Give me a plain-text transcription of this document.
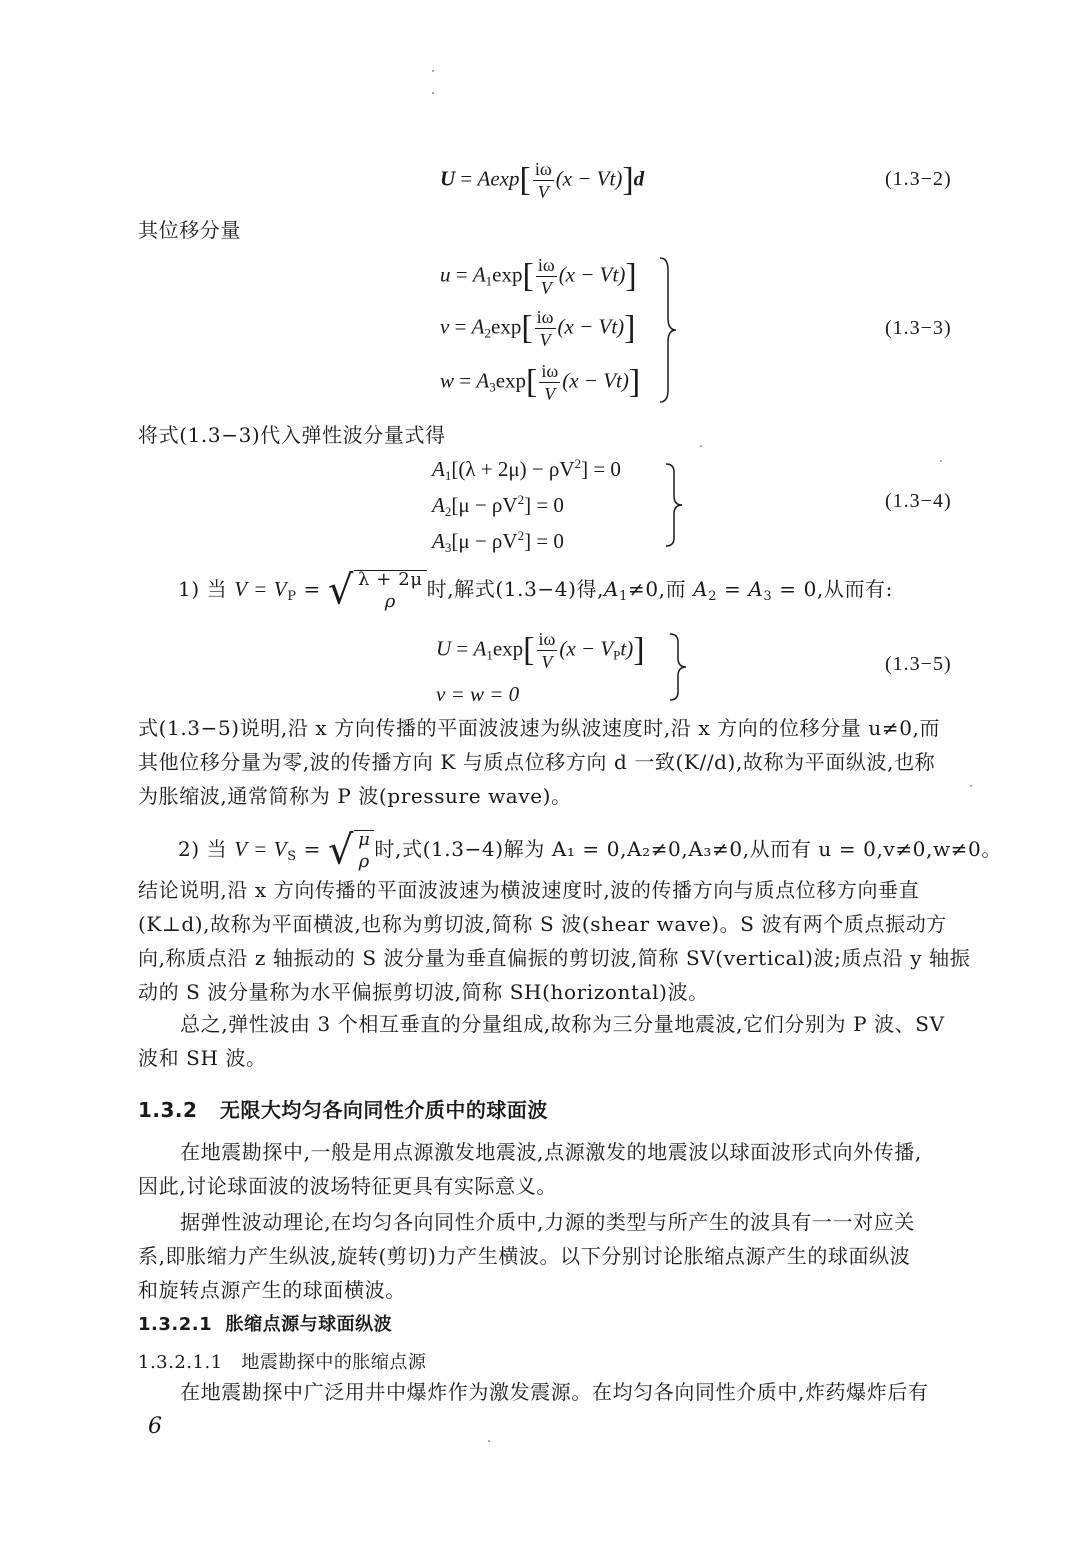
$U = Aexp[ \frac{i\omega}{V} (x - Vt)]d$	(1.3−2)
其位移分量
$u = A_1\exp[ \frac{i\omega}{V} (x - Vt)]$
$v = A_2\exp[ \frac{i\omega}{V} (x - Vt)]$
$w = A_3\exp[ \frac{i\omega}{V} (x - Vt)]$
(1.3−3)
将式(1.3−3)代入弹性波分量式得
$A_1[(\lambda + 2\mu) - \rho V^2] = 0$
$A_2[\mu - \rho V^2] = 0$
$A_3[\mu - \rho V^2] = 0$
(1.3−4)
1) 当 $V = V_P$ = √ λ + 2μ
ρ
时,解式(1.3−4)得$,A_1\ne 0$,而 $A_2 = A_3 = 0$,从而有:
$U = A_1\exp[ \frac{i\omega}{V} (x - V_Pt)]$
v = w = 0
(1.3−5)
式(1.3−5)说明,沿 x 方向传播的平面波波速为纵波速度时,沿 x 方向的位移分量 u≠0,而
其他位移分量为零,波的传播方向 K 与质点位移方向 d 一致(K//d),故称为平面纵波,也称
为胀缩波,通常简称为 P 波(pressure wave)。
2) 当 $V = V_S$ = √ μ
ρ
时,式(1.3−4)解为 A₁ = 0,A₂≠0,A₃≠0,从而有 u = 0,v≠0,w≠0。
结论说明,沿 x 方向传播的平面波波速为横波速度时,波的传播方向与质点位移方向垂直
(K⊥d),故称为平面横波,也称为剪切波,简称 S 波(shear wave)。S 波有两个质点振动方
向,称质点沿 z 轴振动的 S 波分量为垂直偏振的剪切波,简称 SV(vertical)波;质点沿 y 轴振
动的 S 波分量称为水平偏振剪切波,简称 SH(horizontal)波。
总之,弹性波由 3 个相互垂直的分量组成,故称为三分量地震波,它们分别为 P 波、SV
波和 SH 波。
1.3.2 无限大均匀各向同性介质中的球面波
在地震勘探中,一般是用点源激发地震波,点源激发的地震波以球面波形式向外传播,
因此,讨论球面波的波场特征更具有实际意义。
据弹性波动理论,在均匀各向同性介质中,力源的类型与所产生的波具有一一对应关
系,即胀缩力产生纵波,旋转(剪切)力产生横波。以下分别讨论胀缩点源产生的球面纵波
和旋转点源产生的球面横波。
1.3.2.1 胀缩点源与球面纵波
1.3.2.1.1 地震勘探中的胀缩点源
在地震勘探中广泛用井中爆炸作为激发震源。在均匀各向同性介质中,炸药爆炸后有
6
